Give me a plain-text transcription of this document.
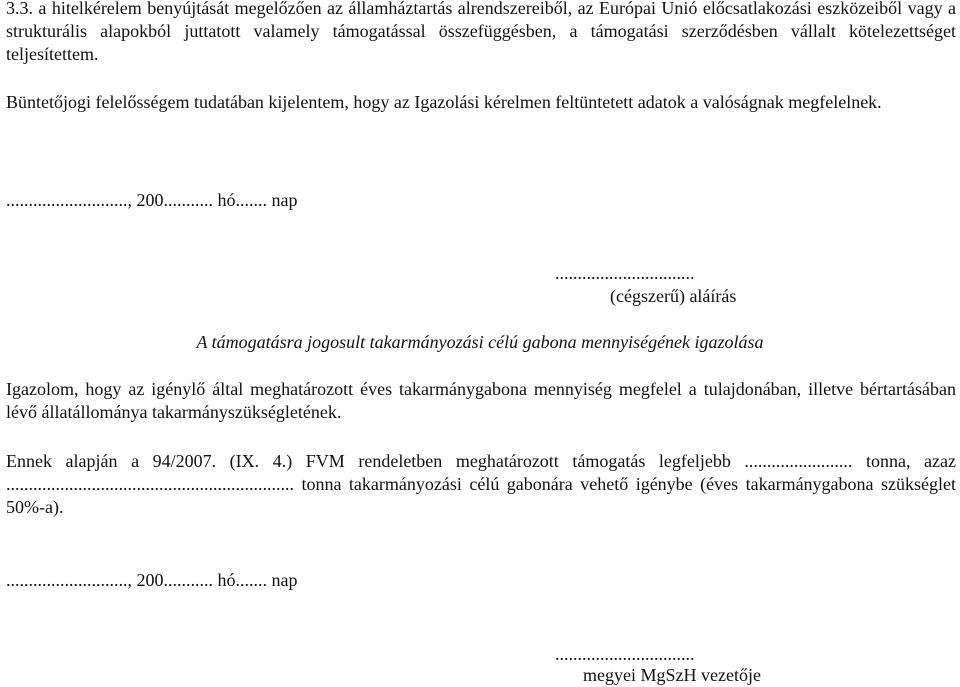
3.3. a hitelkérelem benyújtását megelőzően az államháztartás alrendszereiből, az Európai Unió előcsatlakozási eszközeiből vagy a strukturális alapokból juttatott valamely támogatással összefüggésben, a támogatási szerződésben vállalt kötelezettséget teljesítettem.

Büntetőjogi felelősségem tudatában kijelentem, hogy az Igazolási kérelmen feltüntetett adatok a valóságnak megfelelnek.

..........................., 200........... hó....... nap
...............................
(cégszerű) aláírás
A támogatásra jogosult takarmányozási célú gabona mennyiségének igazolása

Igazolom, hogy az igénylő által meghatározott éves takarmánygabona mennyiség megfelel a tulajdonában, illetve bértartásában lévő állatállománya takarmányszükségletének.

Ennek alapján a 94/2007. (IX. 4.) FVM rendeletben meghatározott támogatás legfeljebb ........................ tonna, azaz ................................................................ tonna takarmányozási célú gabonára vehető igénybe (éves takarmánygabona szükséglet 50%-a).

..........................., 200........... hó....... nap
...............................
megyei MgSzH vezetője
